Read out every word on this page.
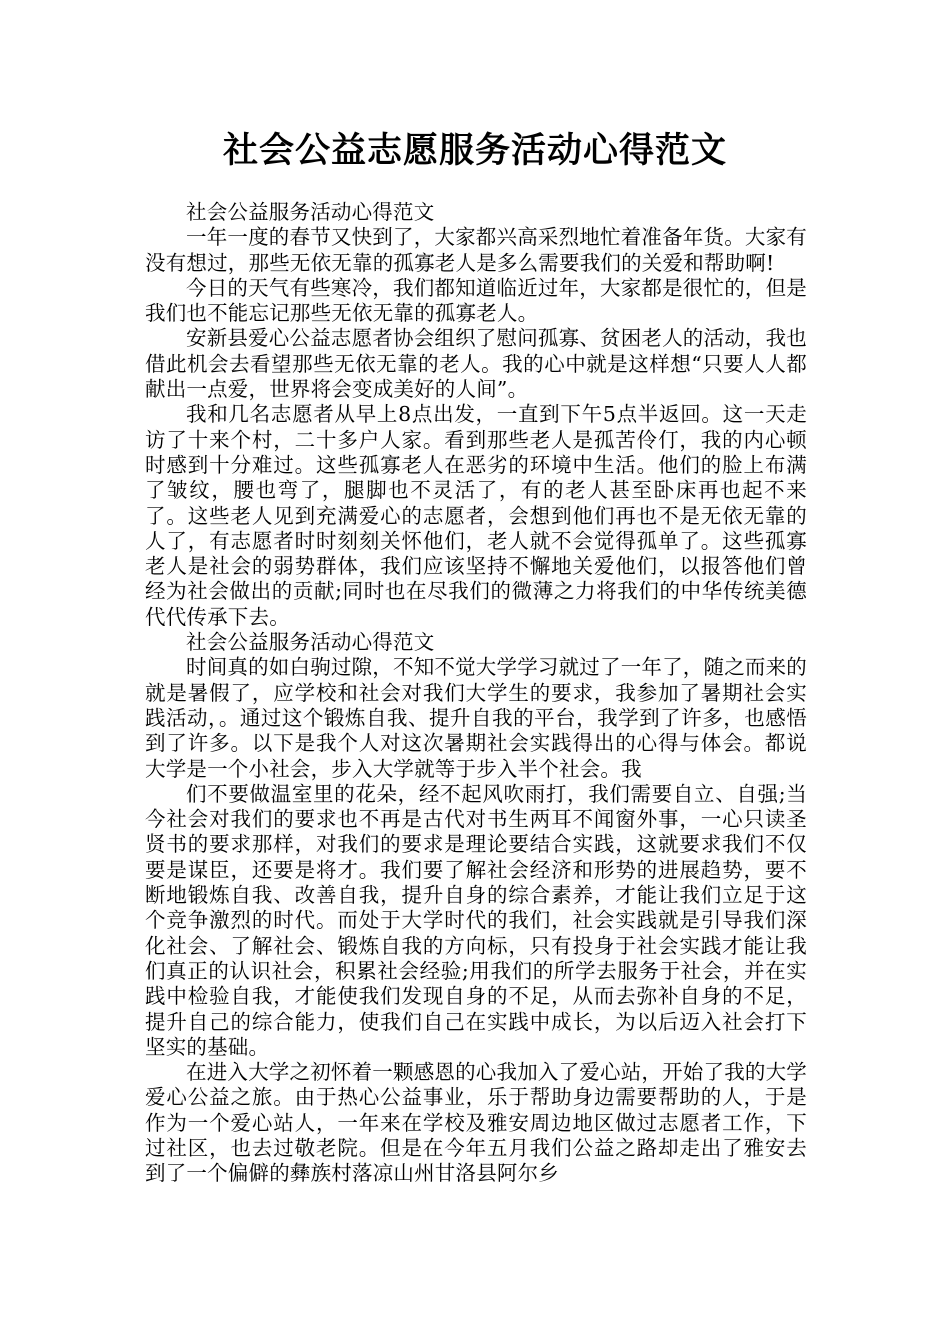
社会公益志愿服务活动心得范文

社会公益服务活动心得范文

一年一度的春节又快到了，大家都兴高采烈地忙着准备年货。大家有没有想过，那些无依无靠的孤寡老人是多么需要我们的关爱和帮助啊!

今日的天气有些寒冷，我们都知道临近过年，大家都是很忙的，但是我们也不能忘记那些无依无靠的孤寡老人。

安新县爱心公益志愿者协会组织了慰问孤寡、贫困老人的活动，我也借此机会去看望那些无依无靠的老人。我的心中就是这样想“只要人人都献出一点爱，世界将会变成美好的人间”。

我和几名志愿者从早上8点出发，一直到下午5点半返回。这一天走访了十来个村，二十多户人家。看到那些老人是孤苦伶仃，我的内心顿时感到十分难过。这些孤寡老人在恶劣的环境中生活。他们的脸上布满了皱纹，腰也弯了，腿脚也不灵活了，有的老人甚至卧床再也起不来了。这些老人见到充满爱心的志愿者，会想到他们再也不是无依无靠的人了，有志愿者时时刻刻关怀他们，老人就不会觉得孤单了。这些孤寡老人是社会的弱势群体，我们应该坚持不懈地关爱他们，以报答他们曾经为社会做出的贡献;同时也在尽我们的微薄之力将我们的中华传统美德代代传承下去。

社会公益服务活动心得范文

时间真的如白驹过隙，不知不觉大学学习就过了一年了，随之而来的就是暑假了，应学校和社会对我们大学生的要求，我参加了暑期社会实践活动，。通过这个锻炼自我、提升自我的平台，我学到了许多，也感悟到了许多。以下是我个人对这次暑期社会实践得出的心得与体会。都说大学是一个小社会，步入大学就等于步入半个社会。我

们不要做温室里的花朵，经不起风吹雨打，我们需要自立、自强;当今社会对我们的要求也不再是古代对书生两耳不闻窗外事，一心只读圣贤书的要求那样，对我们的要求是理论要结合实践，这就要求我们不仅要是谋臣，还要是将才。我们要了解社会经济和形势的进展趋势，要不断地锻炼自我、改善自我，提升自身的综合素养，才能让我们立足于这个竞争激烈的时代。而处于大学时代的我们，社会实践就是引导我们深化社会、了解社会、锻炼自我的方向标，只有投身于社会实践才能让我们真正的认识社会，积累社会经验;用我们的所学去服务于社会，并在实践中检验自我，才能使我们发现自身的不足，从而去弥补自身的不足，提升自己的综合能力，使我们自己在实践中成长，为以后迈入社会打下坚实的基础。

在进入大学之初怀着一颗感恩的心我加入了爱心站，开始了我的大学爱心公益之旅。由于热心公益事业，乐于帮助身边需要帮助的人，于是作为一个爱心站人，一年来在学校及雅安周边地区做过志愿者工作，下过社区，也去过敬老院。但是在今年五月我们公益之路却走出了雅安去到了一个偏僻的彝族村落凉山州甘洛县阿尔乡
